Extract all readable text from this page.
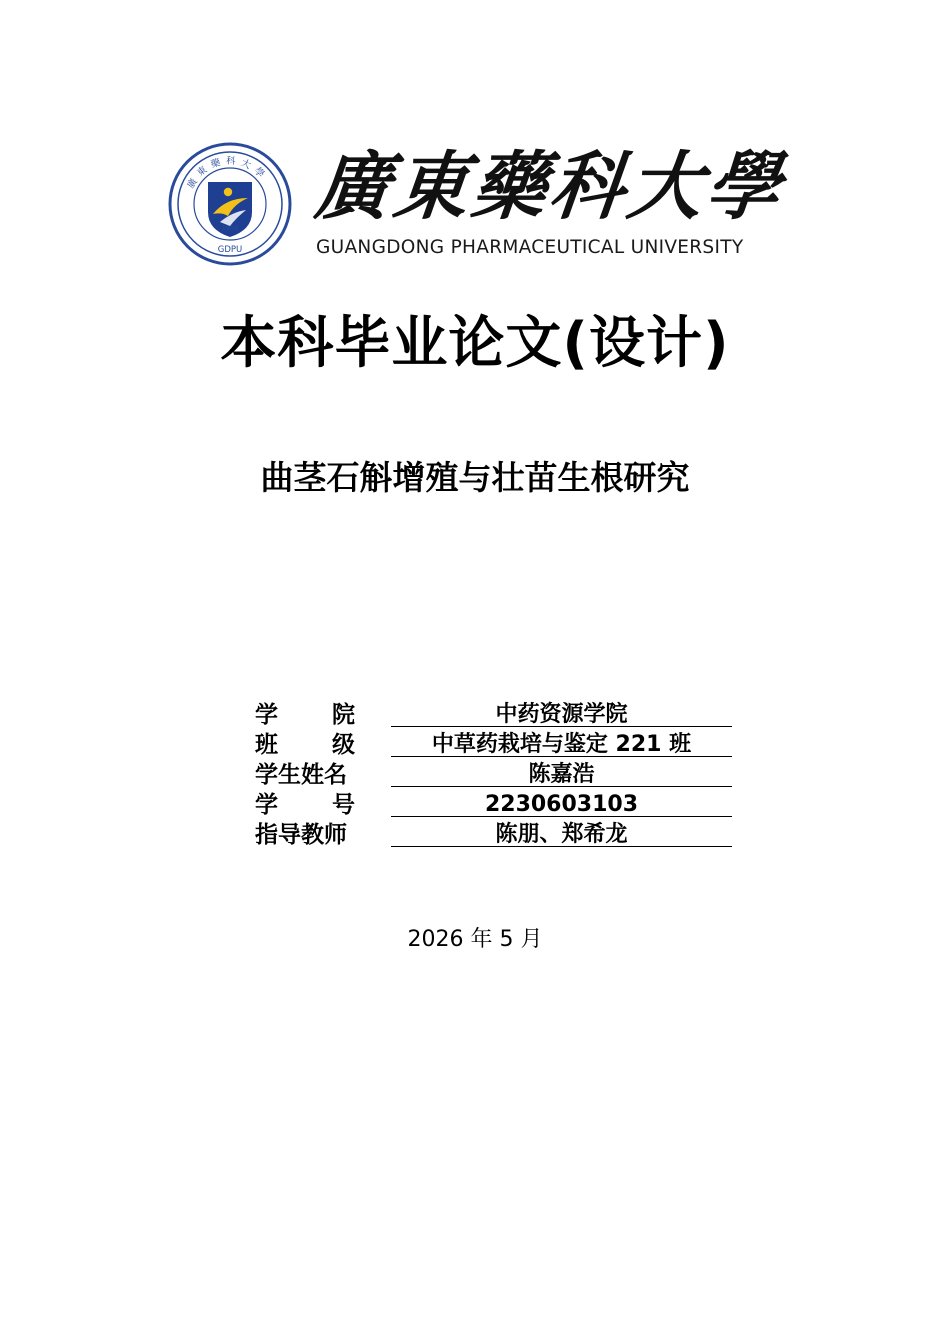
廣東藥科大學
1958
GDPU
廣東藥科大學
GUANGDONG PHARMACEUTICAL UNIVERSITY
本科毕业论文(设计)
曲茎石斛增殖与壮苗生根研究
学院	中药资源学院
班级	中草药栽培与鉴定 221 班
学生姓名	陈嘉浩
学号	2230603103
指导教师	陈朋、郑希龙
2026 年 5 月
